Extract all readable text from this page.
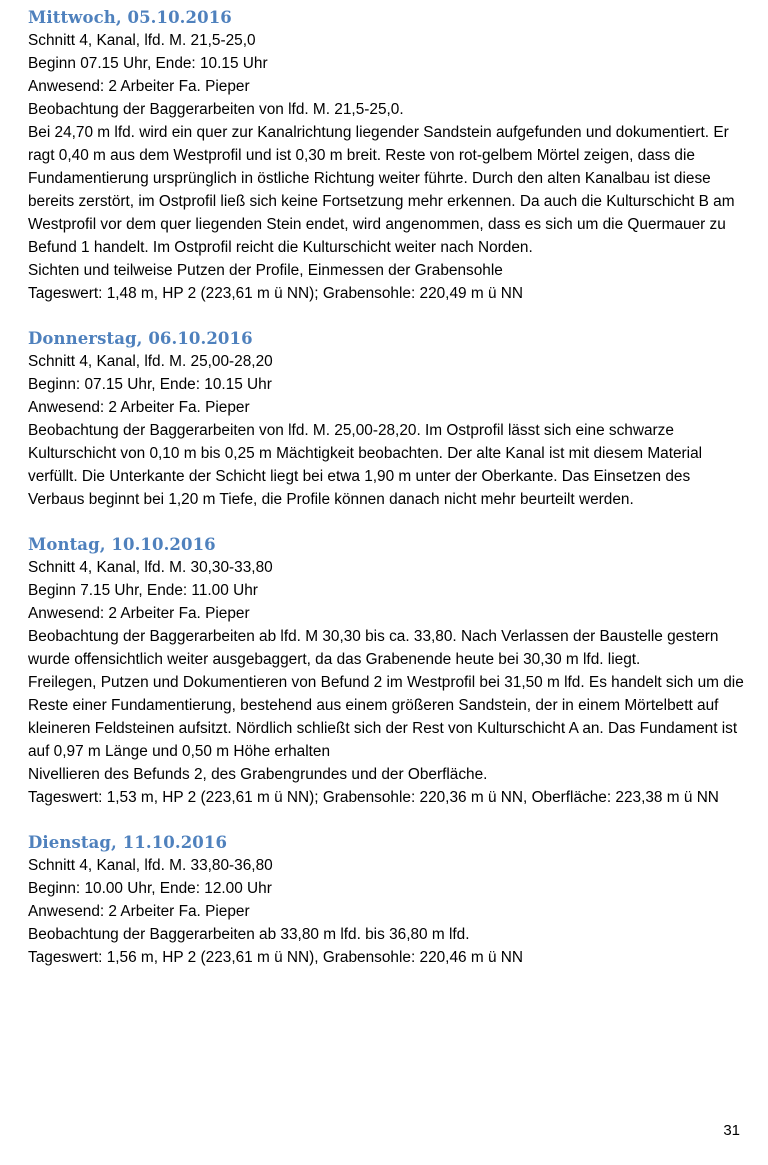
Mittwoch, 05.10.2016

Schnitt 4, Kanal, lfd. M. 21,5-25,0

Beginn 07.15 Uhr, Ende: 10.15 Uhr

Anwesend: 2 Arbeiter Fa. Pieper

Beobachtung der Baggerarbeiten von lfd. M. 21,5-25,0.

Bei 24,70 m lfd. wird ein quer zur Kanalrichtung liegender Sandstein aufgefunden und dokumentiert. Er ragt 0,40 m aus dem Westprofil und ist 0,30 m breit. Reste von rot-gelbem Mörtel zeigen, dass die Fundamentierung ursprünglich in östliche Richtung weiter führte. Durch den alten Kanalbau ist diese bereits zerstört, im Ostprofil ließ sich keine Fortsetzung mehr erkennen. Da auch die Kulturschicht B am Westprofil vor dem quer liegenden Stein endet, wird angenommen, dass es sich um die Quermauer zu Befund 1 handelt. Im Ostprofil reicht die Kulturschicht weiter nach Norden.

Sichten und teilweise Putzen der Profile, Einmessen der Grabensohle

Tageswert: 1,48 m, HP 2 (223,61 m ü NN); Grabensohle: 220,49 m ü NN

Donnerstag, 06.10.2016

Schnitt 4, Kanal, lfd. M. 25,00-28,20

Beginn: 07.15 Uhr, Ende: 10.15 Uhr

Anwesend: 2 Arbeiter Fa. Pieper

Beobachtung der Baggerarbeiten von lfd. M. 25,00-28,20. Im Ostprofil lässt sich eine schwarze Kulturschicht von 0,10 m bis 0,25 m Mächtigkeit beobachten. Der alte Kanal ist mit diesem Material verfüllt. Die Unterkante der Schicht liegt bei etwa 1,90 m unter der Oberkante. Das Einsetzen des Verbaus beginnt bei 1,20 m Tiefe, die Profile können danach nicht mehr beurteilt werden.

Montag, 10.10.2016

Schnitt 4, Kanal, lfd. M. 30,30-33,80

Beginn 7.15 Uhr, Ende: 11.00 Uhr

Anwesend: 2 Arbeiter Fa. Pieper

Beobachtung der Baggerarbeiten ab lfd. M 30,30 bis ca. 33,80. Nach Verlassen der Baustelle gestern wurde offensichtlich weiter ausgebaggert, da das Grabenende heute bei 30,30 m lfd. liegt.

Freilegen, Putzen und Dokumentieren von Befund 2 im Westprofil bei 31,50 m lfd. Es handelt sich um die Reste einer Fundamentierung, bestehend aus einem größeren Sandstein, der in einem Mörtelbett auf kleineren Feldsteinen aufsitzt. Nördlich schließt sich der Rest von Kulturschicht A an. Das Fundament ist auf 0,97 m Länge und 0,50 m Höhe erhalten

Nivellieren des Befunds 2, des Grabengrundes und der Oberfläche.

Tageswert: 1,53 m, HP 2 (223,61 m ü NN); Grabensohle: 220,36 m ü NN, Oberfläche: 223,38 m ü NN

Dienstag, 11.10.2016

Schnitt 4, Kanal, lfd. M. 33,80-36,80

Beginn: 10.00 Uhr, Ende: 12.00 Uhr

Anwesend: 2 Arbeiter Fa. Pieper

Beobachtung der Baggerarbeiten ab 33,80 m lfd. bis 36,80 m lfd.

Tageswert: 1,56 m, HP 2 (223,61 m ü NN), Grabensohle: 220,46 m ü NN

31
